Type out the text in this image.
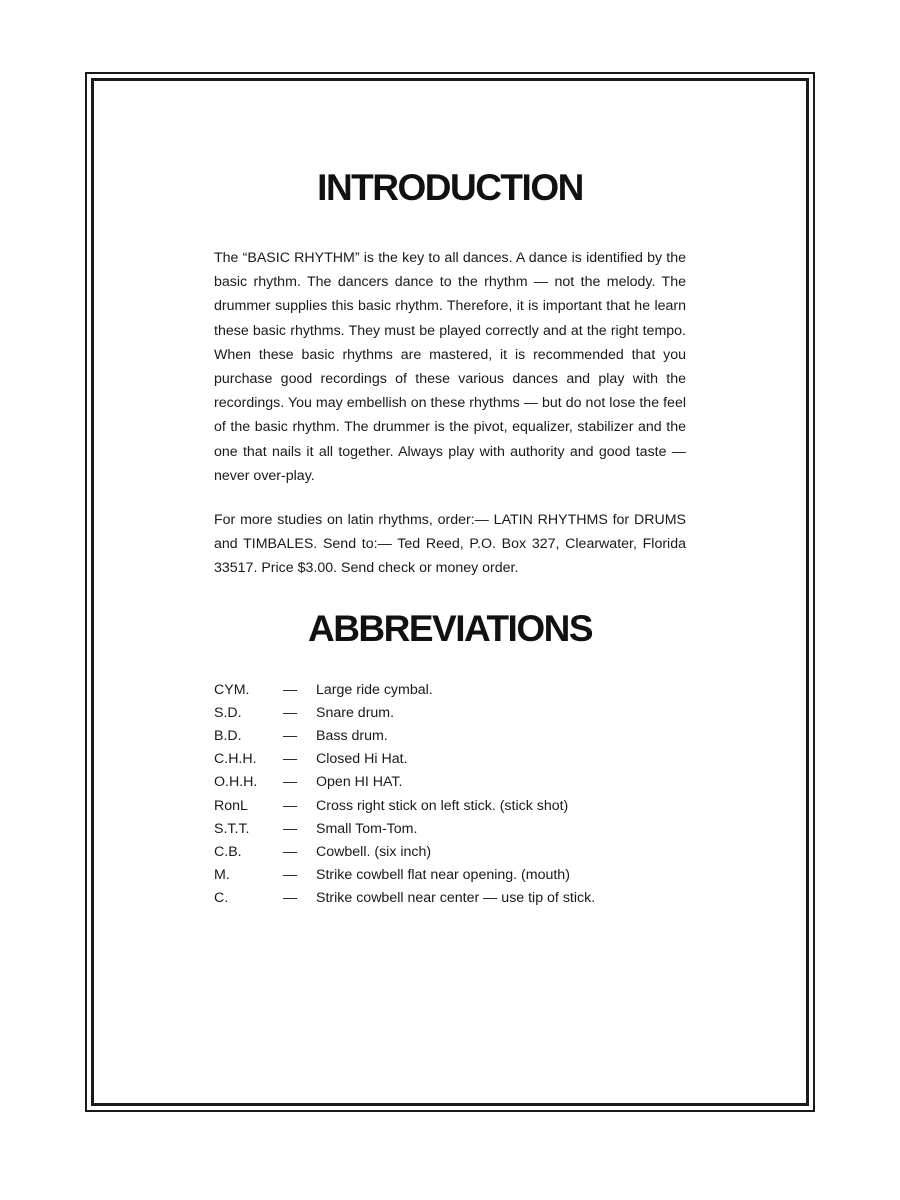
INTRODUCTION

The “BASIC RHYTHM” is the key to all dances. A dance is identified by the basic rhythm. The dancers dance to the rhythm — not the melody. The drummer supplies this basic rhythm. Therefore, it is important that he learn these basic rhythms. They must be played correctly and at the right tempo. When these basic rhythms are mastered, it is recommended that you purchase good recordings of these various dances and play with the recordings. You may embellish on these rhythms — but do not lose the feel of the basic rhythm. The drummer is the pivot, equalizer, stabilizer and the one that nails it all together. Always play with authority and good taste — never over-play.

For more studies on latin rhythms, order:— LATIN RHYTHMS for DRUMS and TIMBALES. Send to:— Ted Reed, P.O. Box 327, Clearwater, Florida 33517. Price $3.00. Send check or money order.

ABBREVIATIONS
CYM.	—	Large ride cymbal.
S.D.	—	Snare drum.
B.D.	—	Bass drum.
C.H.H.	—	Closed Hi Hat.
O.H.H.	—	Open HI HAT.
RonL	—	Cross right stick on left stick. (stick shot)
S.T.T.	—	Small Tom-Tom.
C.B.	—	Cowbell. (six inch)
M.	—	Strike cowbell flat near opening. (mouth)
C.	—	Strike cowbell near center — use tip of stick.
